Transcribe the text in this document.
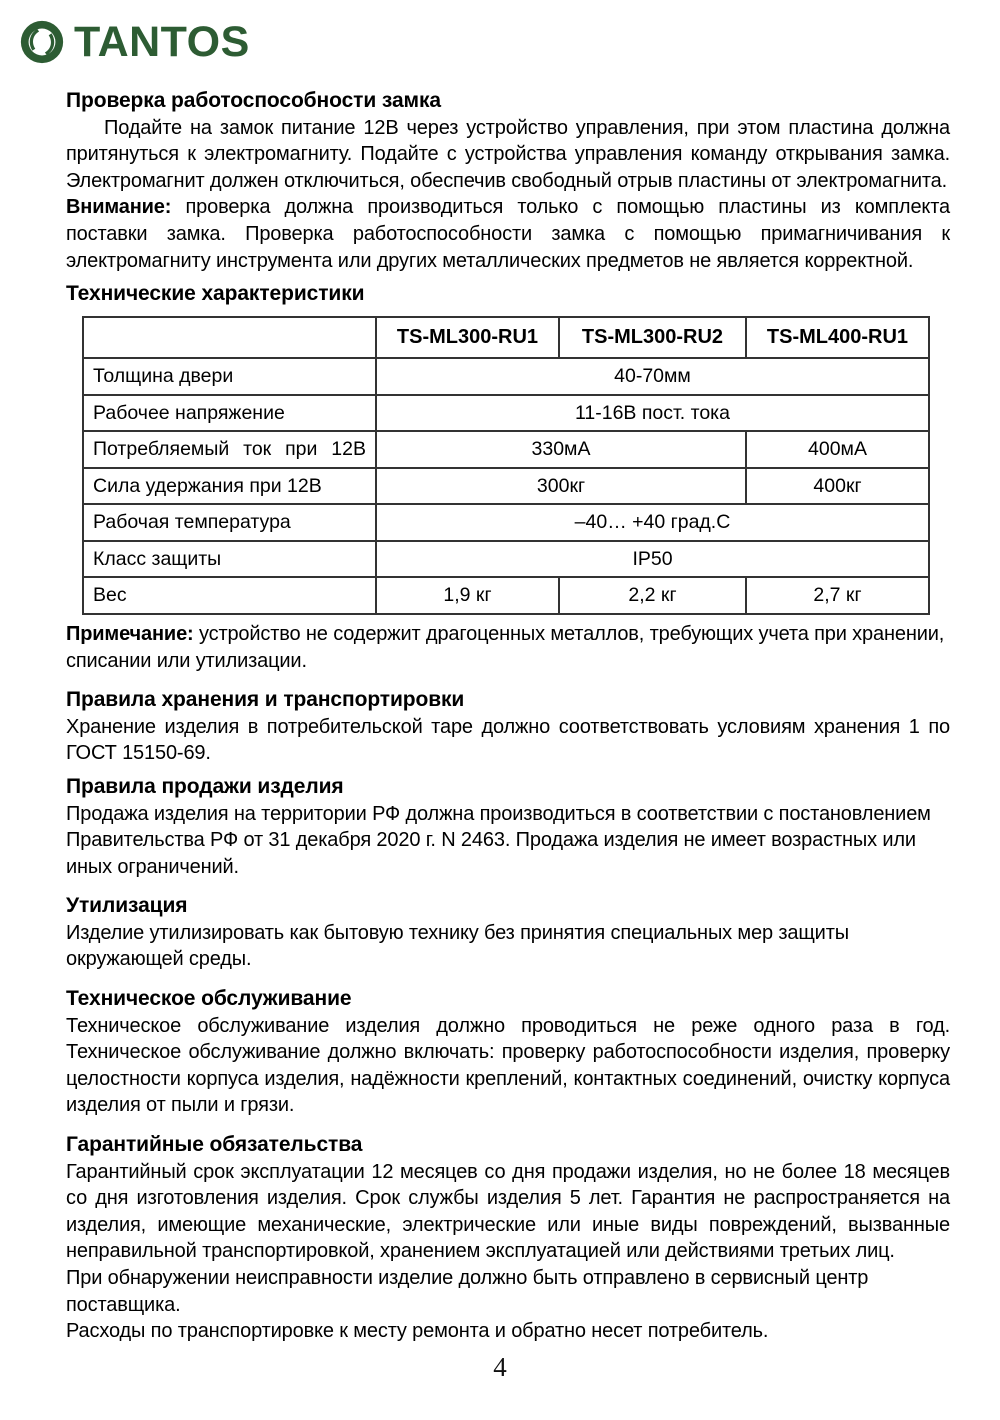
TANTOS
Проверка работоспособности замка

Подайте на замок питание 12В через устройство управления, при этом пластина должна притянуться к электромагниту. Подайте с устройства управления команду открывания замка. Электромагнит должен отключиться, обеспечив свободный отрыв пластины от электромагнита.

Внимание: проверка должна производиться только с помощью пластины из комплекта поставки замка. Проверка работоспособности замка с помощью примагничивания к электромагниту инструмента или других металлических предметов не является корректной.

Технические характеристики
	TS-ML300-RU1	TS-ML300-RU2	TS-ML400-RU1
Толщина двери	40-70мм		
Рабочее напряжение	11-16В пост. тока		
Потребляемый ток при 12В	330мА		400мА
Сила удержания при 12В	300кг		400кг
Рабочая температура	–40… +40 град.С		
Класс защиты	IP50		
Вес	1,9 кг	2,2 кг	2,7 кг

Примечание: устройство не содержит драгоценных металлов, требующих учета при хранении, списании или утилизации.

Правила хранения и транспортировки

Хранение изделия в потребительской таре должно соответствовать условиям хранения 1 по ГОСТ 15150-69.

Правила продажи изделия

Продажа изделия на территории РФ должна производиться в соответствии с постановлением Правительства РФ от 31 декабря 2020 г. N 2463. Продажа изделия не имеет возрастных или иных ограничений.

Утилизация

Изделие утилизировать как бытовую технику без принятия специальных мер защиты окружающей среды.

Техническое обслуживание

Техническое обслуживание изделия должно проводиться не реже одного раза в год. Техническое обслуживание должно включать: проверку работоспособности изделия, проверку целостности корпуса изделия, надёжности креплений, контактных соединений, очистку корпуса изделия от пыли и грязи.

Гарантийные обязательства

Гарантийный срок эксплуатации 12 месяцев со дня продажи изделия, но не более 18 месяцев со дня изготовления изделия. Срок службы изделия 5 лет. Гарантия не распространяется на изделия, имеющие механические, электрические или иные виды повреждений, вызванные неправильной транспортировкой, хранением эксплуатацией или действиями третьих лиц.

При обнаружении неисправности изделие должно быть отправлено в сервисный центр поставщика.

Расходы по транспортировке к месту ремонта и обратно несет потребитель.

4
